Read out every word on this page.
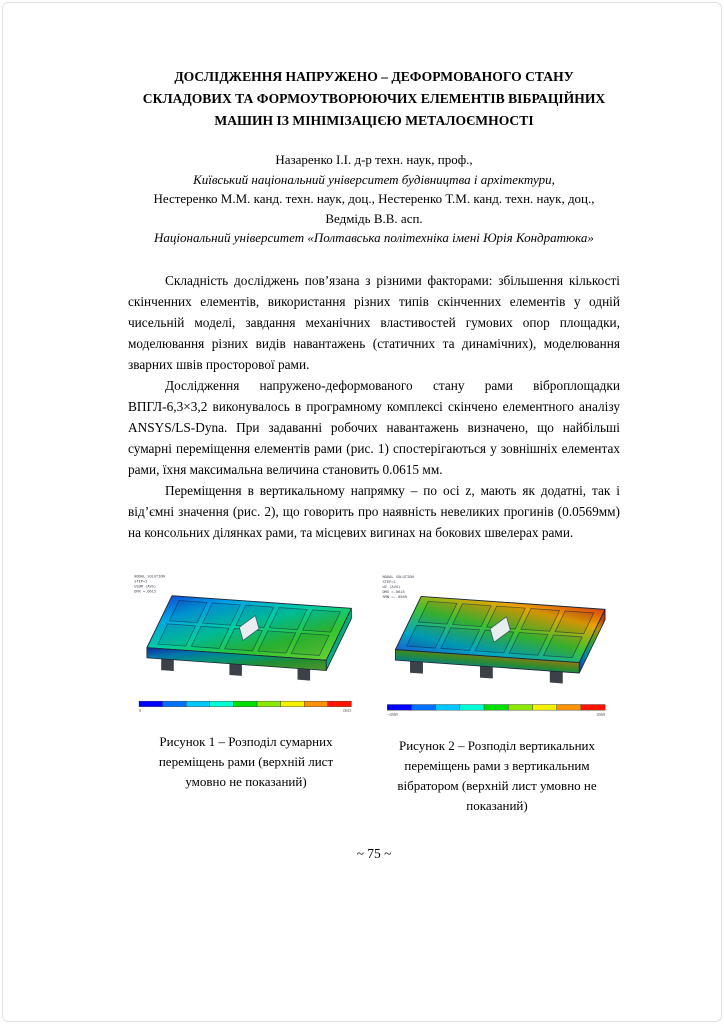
ДОСЛІДЖЕННЯ НАПРУЖЕНО – ДЕФОРМОВАНОГО СТАНУ
СКЛАДОВИХ ТА ФОРМОУТВОРЮЮЧИХ ЕЛЕМЕНТІВ ВІБРАЦІЙНИХ
МАШИН ІЗ МІНІМІЗАЦІЄЮ МЕТАЛОЄМНОСТІ
Назаренко І.І. д-р техн. наук, проф.,
Київський національний університет будівництва і архітектури,
Нестеренко М.М. канд. техн. наук, доц., Нестеренко Т.М. канд. техн. наук, доц.,
Ведмідь В.В. асп.
Національний університет «Полтавська політехніка імені Юрія Кондратюка»

Складність досліджень пов’язана з різними факторами: збільшення кількості скінченних елементів, використання різних типів скінченних елементів у одній чисельній моделі, завдання механічних властивостей гумових опор площадки, моделювання різних видів навантажень (статичних та динамічних), моделювання зварних швів просторової рами.

Дослідження напружено-деформованого стану рами віброплощадки ВПГЛ-6,3×3,2 виконувалось в програмному комплексі скінчено елементного аналізу ANSYS/LS-Dyna. При задаванні робочих навантажень визначено, що найбільші сумарні переміщення елементів рами (рис. 1) спостерігаються у зовнішніх елементах рами, їхня максимальна величина становить 0.0615 мм.

Переміщення в вертикальному напрямку – по осі z, мають як додатні, так і від’ємні значення (рис. 2), що говорить про наявність невеликих прогинів (0.0569мм) на консольних ділянках рами, та місцевих вигинах на бокових швелерах рами.

NODAL SOLUTION
STEP=1
USUM (AVG)
DMX =.0615
0	.0615
Рисунок 1 – Розподіл сумарних переміщень рами (верхній лист умовно не показаний)
NODAL SOLUTION
STEP=1
UZ (AVG)
DMX =.0615
SMN =-.0569
-.0569	.0569
Рисунок 2 – Розподіл вертикальних переміщень рами з вертикальним вібратором (верхній лист умовно не показаний)
~ 75 ~
